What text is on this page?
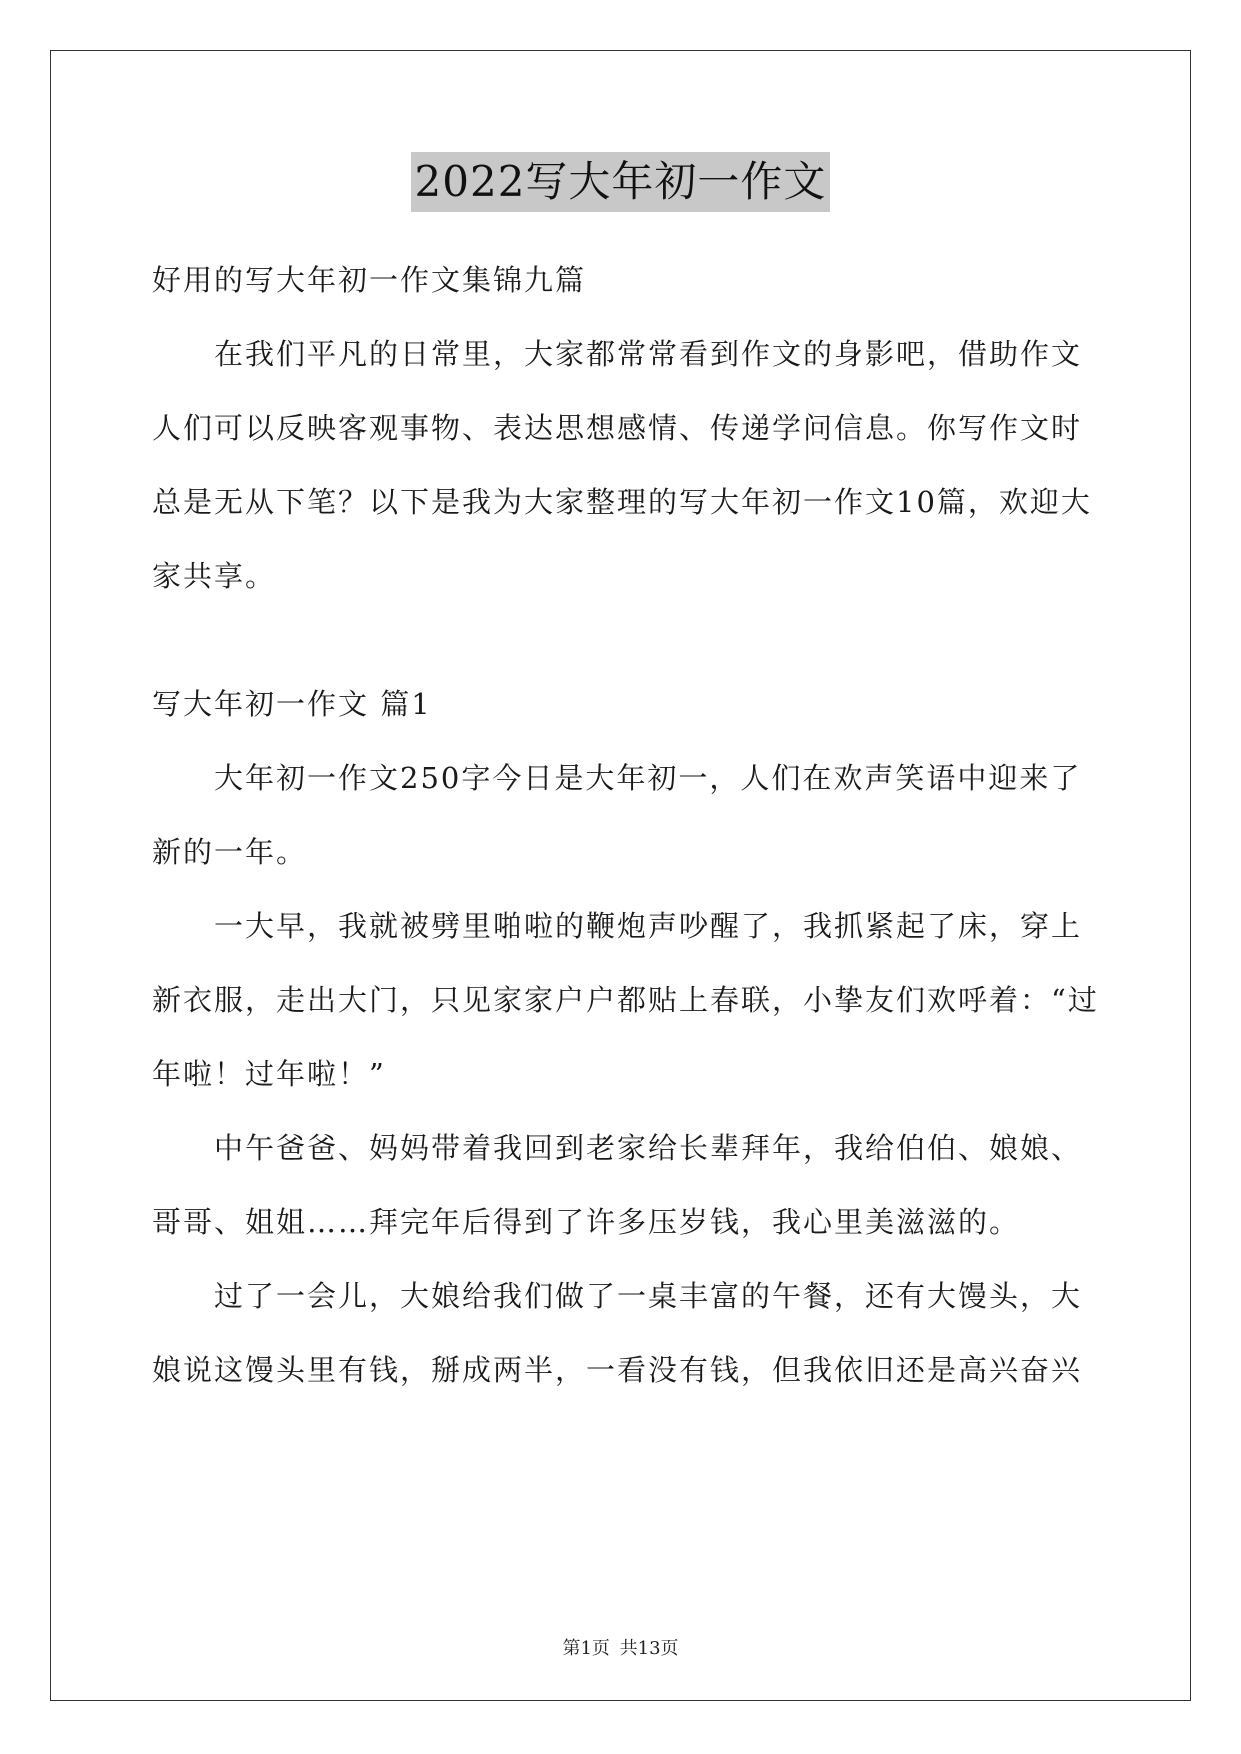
2022写大年初一作文
好用的写大年初一作文集锦九篇
在我们平凡的日常里，大家都常常看到作文的身影吧，借助作文
人们可以反映客观事物、表达思想感情、传递学问信息。你写作文时
总是无从下笔？以下是我为大家整理的写大年初一作文10篇，欢迎大
家共享。
写大年初一作文 篇1
大年初一作文250字今日是大年初一，人们在欢声笑语中迎来了
新的一年。
一大早，我就被劈里啪啦的鞭炮声吵醒了，我抓紧起了床，穿上
新衣服，走出大门，只见家家户户都贴上春联，小挚友们欢呼着：“过
年啦！过年啦！”
中午爸爸、妈妈带着我回到老家给长辈拜年，我给伯伯、娘娘、
哥哥、姐姐……拜完年后得到了许多压岁钱，我心里美滋滋的。
过了一会儿，大娘给我们做了一桌丰富的午餐，还有大馒头，大
娘说这馒头里有钱，掰成两半，一看没有钱，但我依旧还是高兴奋兴
第1页 共13页
